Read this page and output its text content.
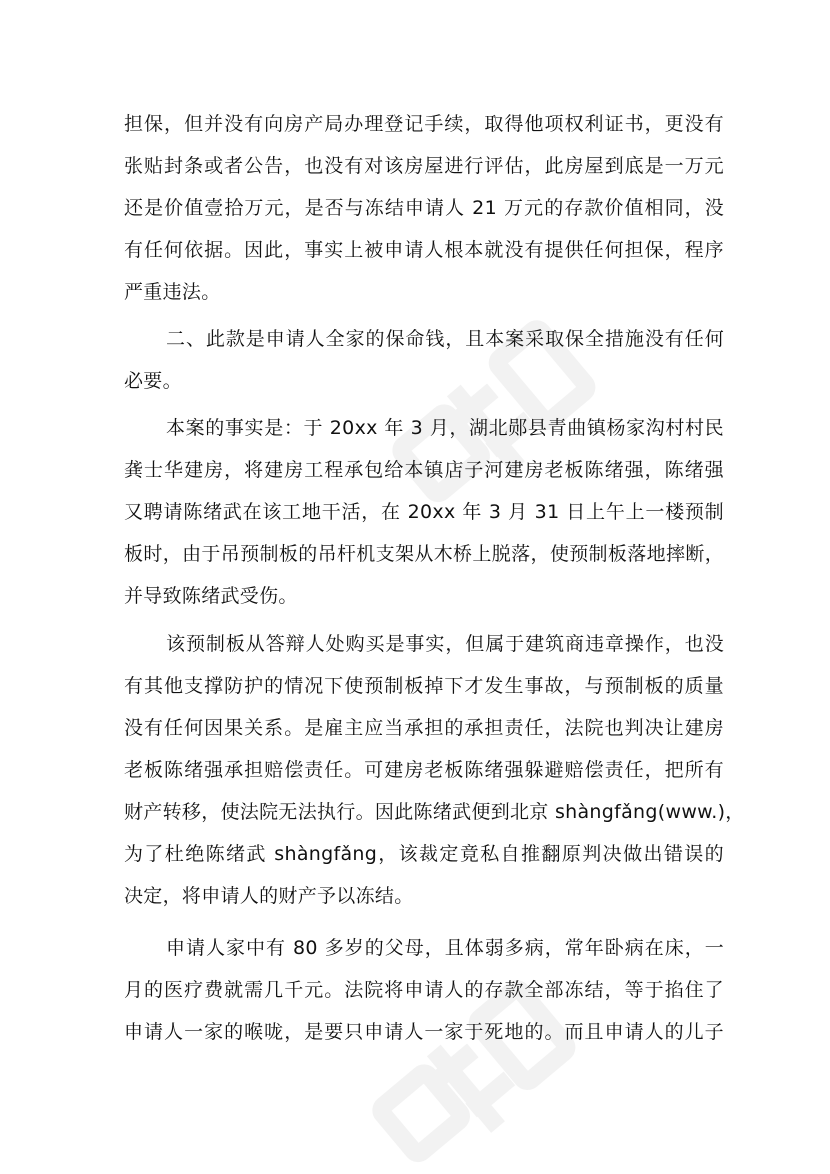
担保，但并没有向房产局办理登记手续，取得他项权利证书，更没有
张贴封条或者公告，也没有对该房屋进行评估，此房屋到底是一万元
还是价值壹拾万元，是否与冻结申请人 21 万元的存款价值相同，没
有任何依据。因此，事实上被申请人根本就没有提供任何担保，程序
严重违法。
二、此款是申请人全家的保命钱，且本案采取保全措施没有任何
必要。
本案的事实是：于 20xx 年 3 月，湖北郧县青曲镇杨家沟村村民
龚士华建房，将建房工程承包给本镇店子河建房老板陈绪强，陈绪强
又聘请陈绪武在该工地干活，在 20xx 年 3 月 31 日上午上一楼预制
板时，由于吊预制板的吊杆机支架从木桥上脱落，使预制板落地摔断，
并导致陈绪武受伤。
该预制板从答辩人处购买是事实，但属于建筑商违章操作，也没
有其他支撑防护的情况下使预制板掉下才发生事故，与预制板的质量
没有任何因果关系。是雇主应当承担的承担责任，法院也判决让建房
老板陈绪强承担赔偿责任。可建房老板陈绪强躲避赔偿责任，把所有
财产转移，使法院无法执行。因此陈绪武便到北京 shàngfǎng(www.)，
为了杜绝陈绪武 shàngfǎng，该裁定竟私自推翻原判决做出错误的
决定，将申请人的财产予以冻结。
申请人家中有 80 多岁的父母，且体弱多病，常年卧病在床，一
月的医疗费就需几千元。法院将申请人的存款全部冻结，等于掐住了
申请人一家的喉咙，是要只申请人一家于死地的。而且申请人的儿子
